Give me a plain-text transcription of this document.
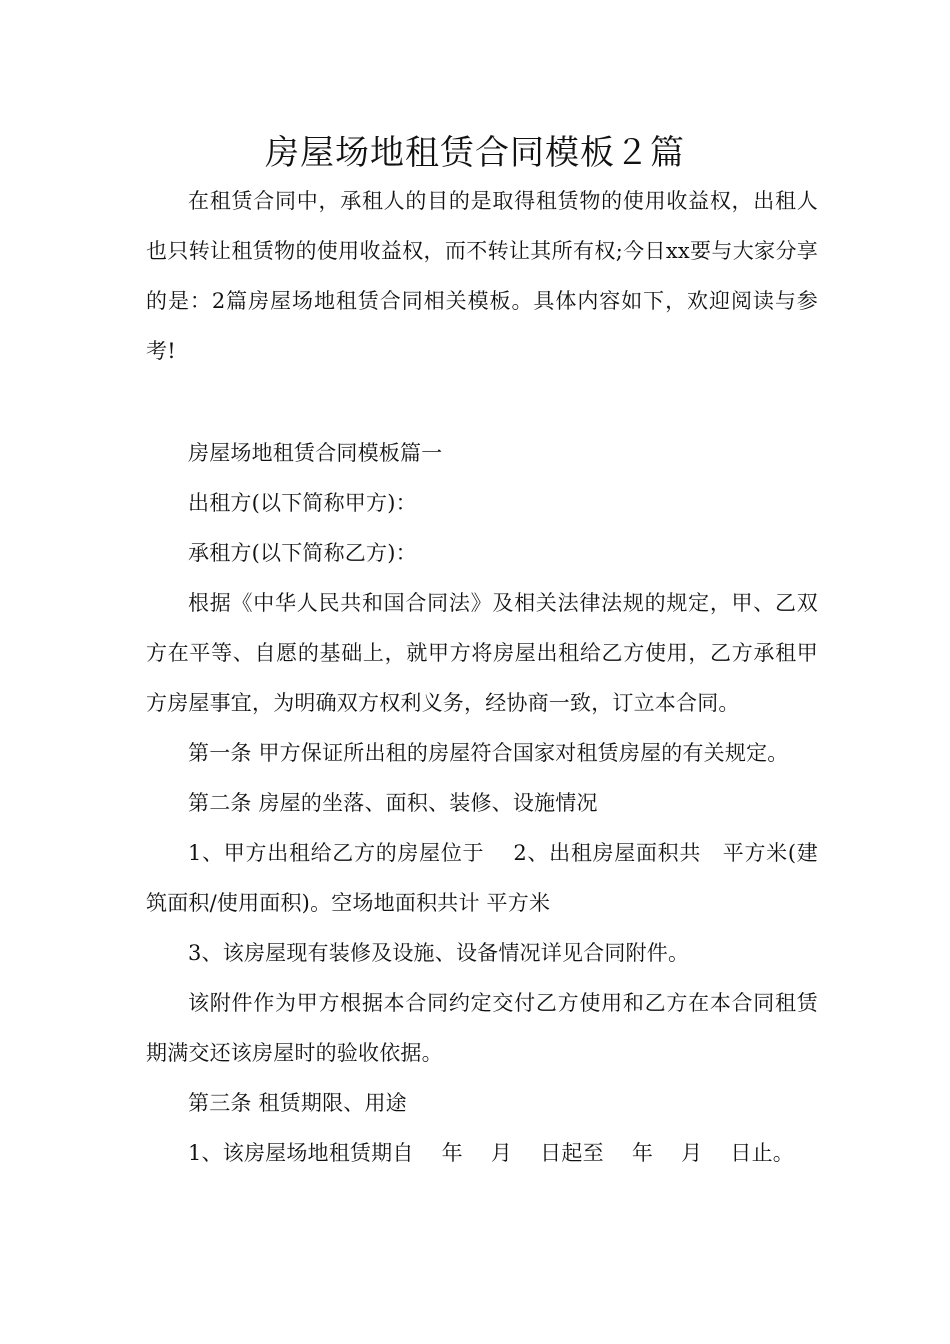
房屋场地租赁合同模板２篇

在租赁合同中，承租人的目的是取得租赁物的使用收益权，出租人也只转让租赁物的使用收益权，而不转让其所有权;今日xx要与大家分享的是：2篇房屋场地租赁合同相关模板。具体内容如下，欢迎阅读与参考!

房屋场地租赁合同模板篇一

出租方(以下简称甲方)：

承租方(以下简称乙方)：

根据《中华人民共和国合同法》及相关法律法规的规定，甲、乙双方在平等、自愿的基础上，就甲方将房屋出租给乙方使用，乙方承租甲方房屋事宜，为明确双方权利义务，经协商一致，订立本合同。

第一条 甲方保证所出租的房屋符合国家对租赁房屋的有关规定。

第二条 房屋的坐落、面积、装修、设施情况

1、甲方出租给乙方的房屋位于　 2、出租房屋面积共　平方米(建筑面积/使用面积)。空场地面积共计 平方米

3、该房屋现有装修及设施、设备情况详见合同附件。

该附件作为甲方根据本合同约定交付乙方使用和乙方在本合同租赁期满交还该房屋时的验收依据。

第三条 租赁期限、用途

1、该房屋场地租赁期自　 年　 月　 日起至　 年　 月　 日止。
